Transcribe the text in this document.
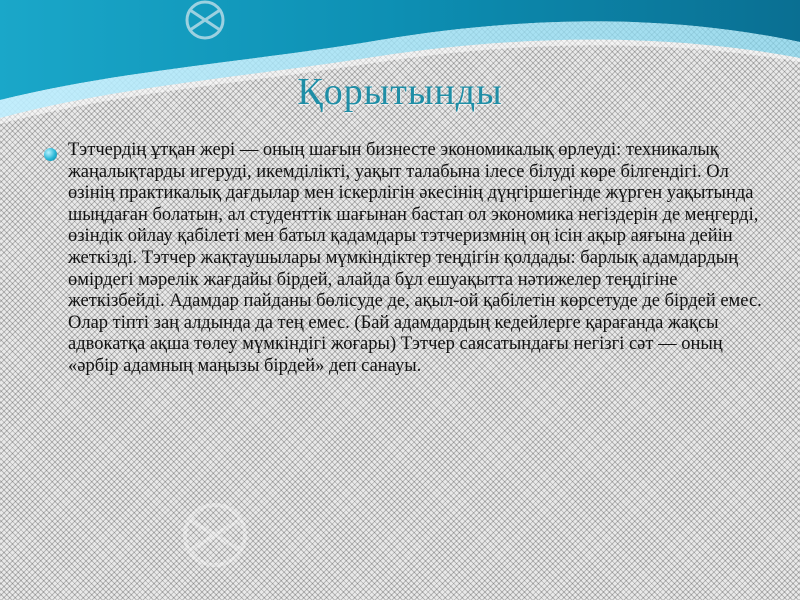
Қорытынды
Тэтчердің ұтқан жері — оның шағын бизнесте экономикалық өрлеуді: техникалық жаңалықтарды игеруді, икемділікті, уақыт талабына ілесе білуді көре білгендігі. Ол өзінің практикалық дағдылар мен іскерлігін әкесінің дүңгіршегінде жүрген уақытында шыңдаған болатын, ал студенттік шағынан бастап ол экономика негіздерін де меңгерді, өзіндік ойлау қабілеті мен батыл қадамдары тэтчеризмнің оң ісін ақыр аяғына дейін жеткізді. Тэтчер жақтаушылары мүмкіндіктер теңдігін қолдады: барлық адамдардың өмірдегі мәрелік жағдайы бірдей, алайда бұл ешуақытта нәтижелер теңдігіне жеткізбейді. Адамдар пайданы бөлісуде де, ақыл-ой қабілетін көрсетуде де бірдей емес. Олар тіпті заң алдында да тең емес. (Бай адамдардың кедейлерге қарағанда жақсы адвокатқа ақша төлеу мүмкіндігі жоғары) Тэтчер саясатындағы негізгі сәт — оның «әрбір адамның маңызы бірдей» деп санауы.
